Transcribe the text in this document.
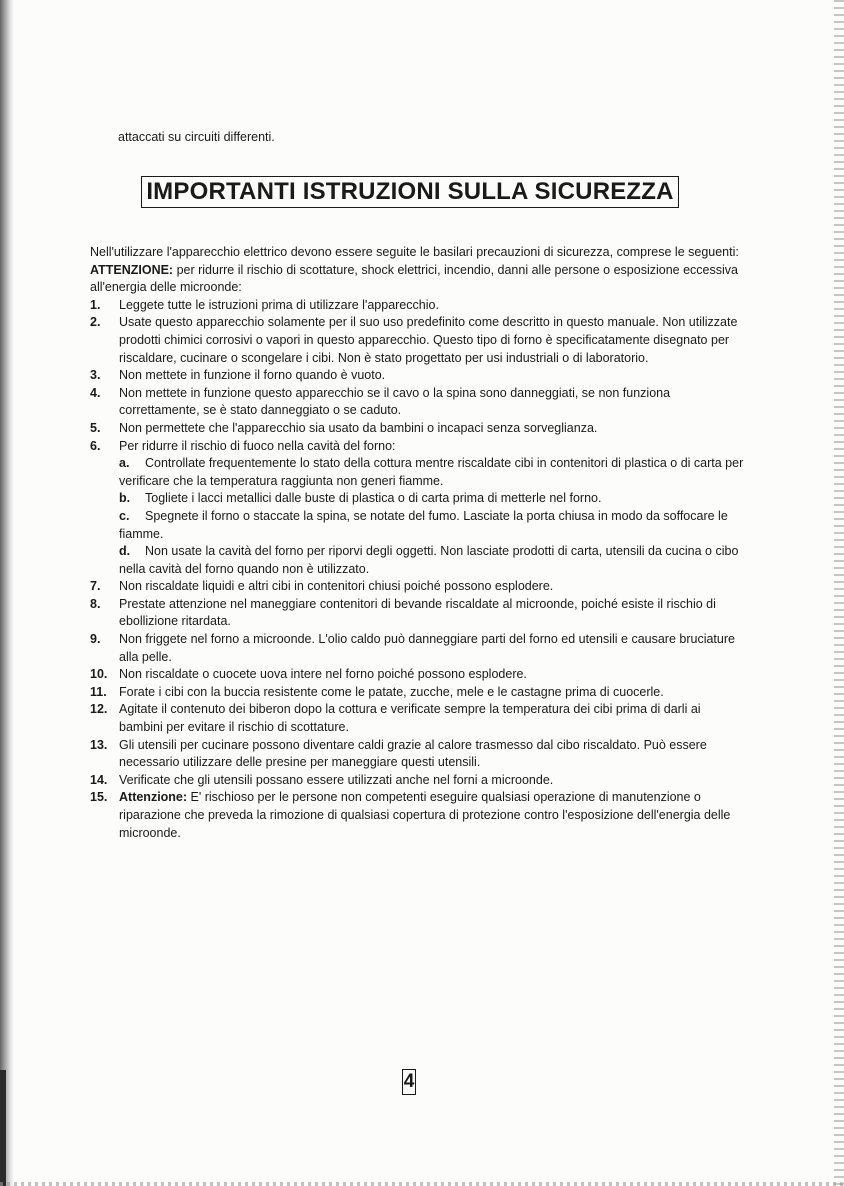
attaccati su circuiti differenti.
IMPORTANTI ISTRUZIONI SULLA SICUREZZA

Nell'utilizzare l'apparecchio elettrico devono essere seguite le basilari precauzioni di sicurezza, comprese le seguenti:

ATTENZIONE: per ridurre il rischio di scottature, shock elettrici, incendio, danni alle persone o esposizione eccessiva all'energia delle microonde:

1. Leggete tutte le istruzioni prima di utilizzare l'apparecchio.
2. Usate questo apparecchio solamente per il suo uso predefinito come descritto in questo manuale. Non utilizzate prodotti chimici corrosivi o vapori in questo apparecchio. Questo tipo di forno è specificatamente disegnato per riscaldare, cucinare o scongelare i cibi. Non è stato progettato per usi industriali o di laboratorio.
3. Non mettete in funzione il forno quando è vuoto.
4. Non mettete in funzione questo apparecchio se il cavo o la spina sono danneggiati, se non funziona correttamente, se è stato danneggiato o se caduto.
5. Non permettete che l'apparecchio sia usato da bambini o incapaci senza sorveglianza.
6. Per ridurre il rischio di fuoco nella cavità del forno:
a. Controllate frequentemente lo stato della cottura mentre riscaldate cibi in contenitori di plastica o di carta per verificare che la temperatura raggiunta non generi fiamme.
b. Togliete i lacci metallici dalle buste di plastica o di carta prima di metterle nel forno.
c. Spegnete il forno o staccate la spina, se notate del fumo. Lasciate la porta chiusa in modo da soffocare le fiamme.
d. Non usate la cavità del forno per riporvi degli oggetti. Non lasciate prodotti di carta, utensili da cucina o cibo nella cavità del forno quando non è utilizzato.
7. Non riscaldate liquidi e altri cibi in contenitori chiusi poiché possono esplodere.
8. Prestate attenzione nel maneggiare contenitori di bevande riscaldate al microonde, poiché esiste il rischio di ebollizione ritardata.
9. Non friggete nel forno a microonde. L'olio caldo può danneggiare parti del forno ed utensili e causare bruciature alla pelle.
10. Non riscaldate o cuocete uova intere nel forno poiché possono esplodere.
11. Forate i cibi con la buccia resistente come le patate, zucche, mele e le castagne prima di cuocerle.
12. Agitate il contenuto dei biberon dopo la cottura e verificate sempre la temperatura dei cibi prima di darli ai bambini per evitare il rischio di scottature.
13. Gli utensili per cucinare possono diventare caldi grazie al calore trasmesso dal cibo riscaldato. Può essere necessario utilizzare delle presine per maneggiare questi utensili.
14. Verificate che gli utensili possano essere utilizzati anche nel forni a microonde.
15. Attenzione: E' rischioso per le persone non competenti eseguire qualsiasi operazione di manutenzione o riparazione che preveda la rimozione di qualsiasi copertura di protezione contro l'esposizione dell'energia delle microonde.
4
